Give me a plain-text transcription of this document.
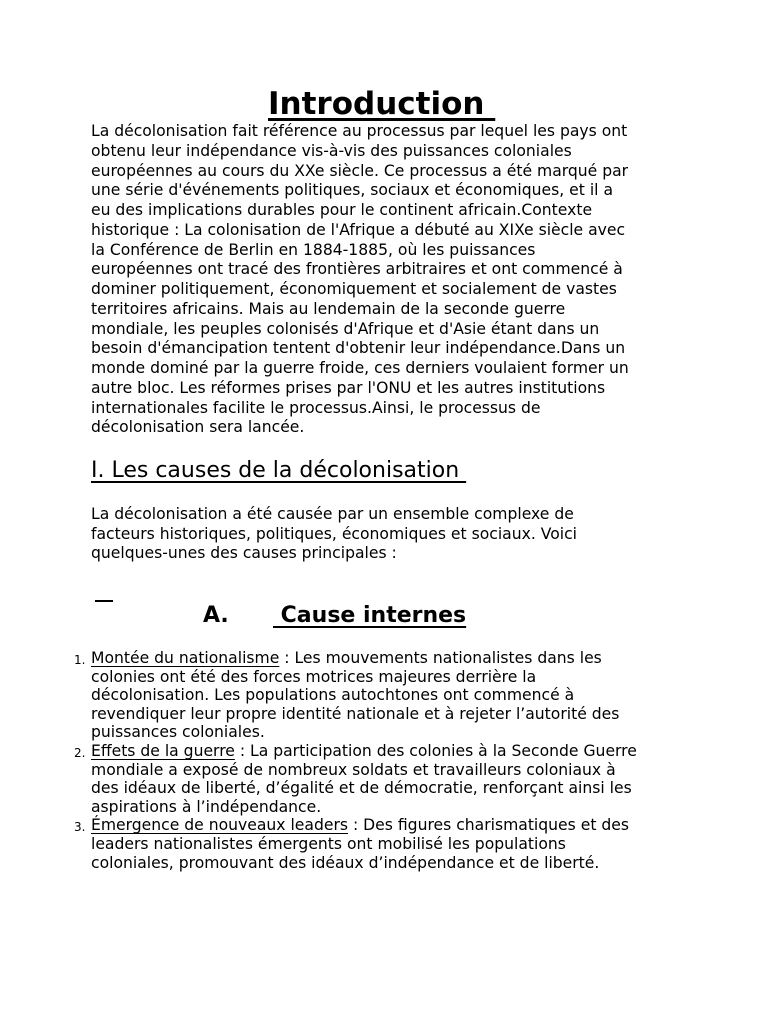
Introduction
La décolonisation fait référence au processus par lequel les pays ont
obtenu leur indépendance vis-à-vis des puissances coloniales
européennes au cours du XXe siècle. Ce processus a été marqué par
une série d'événements politiques, sociaux et économiques, et il a
eu des implications durables pour le continent africain.Contexte
historique : La colonisation de l'Afrique a débuté au XIXe siècle avec
la Conférence de Berlin en 1884-1885, où les puissances
européennes ont tracé des frontières arbitraires et ont commencé à
dominer politiquement, économiquement et socialement de vastes
territoires africains. Mais au lendemain de la seconde guerre
mondiale, les peuples colonisés d'Afrique et d'Asie étant dans un
besoin d'émancipation tentent d'obtenir leur indépendance.Dans un
monde dominé par la guerre froide, ces derniers voulaient former un
autre bloc. Les réformes prises par l'ONU et les autres institutions
internationales facilite le processus.Ainsi, le processus de
décolonisation sera lancée.
I. Les causes de la décolonisation
La décolonisation a été causée par un ensemble complexe de
facteurs historiques, politiques, économiques et sociaux. Voici
quelques-unes des causes principales :
A. Cause internes
1. Montée du nationalisme : Les mouvements nationalistes dans les
colonies ont été des forces motrices majeures derrière la
décolonisation. Les populations autochtones ont commencé à
revendiquer leur propre identité nationale et à rejeter l’autorité des
puissances coloniales.
2. Effets de la guerre : La participation des colonies à la Seconde Guerre
mondiale a exposé de nombreux soldats et travailleurs coloniaux à
des idéaux de liberté, d’égalité et de démocratie, renforçant ainsi les
aspirations à l’indépendance.
3. Émergence de nouveaux leaders : Des figures charismatiques et des
leaders nationalistes émergents ont mobilisé les populations
coloniales, promouvant des idéaux d’indépendance et de liberté.
